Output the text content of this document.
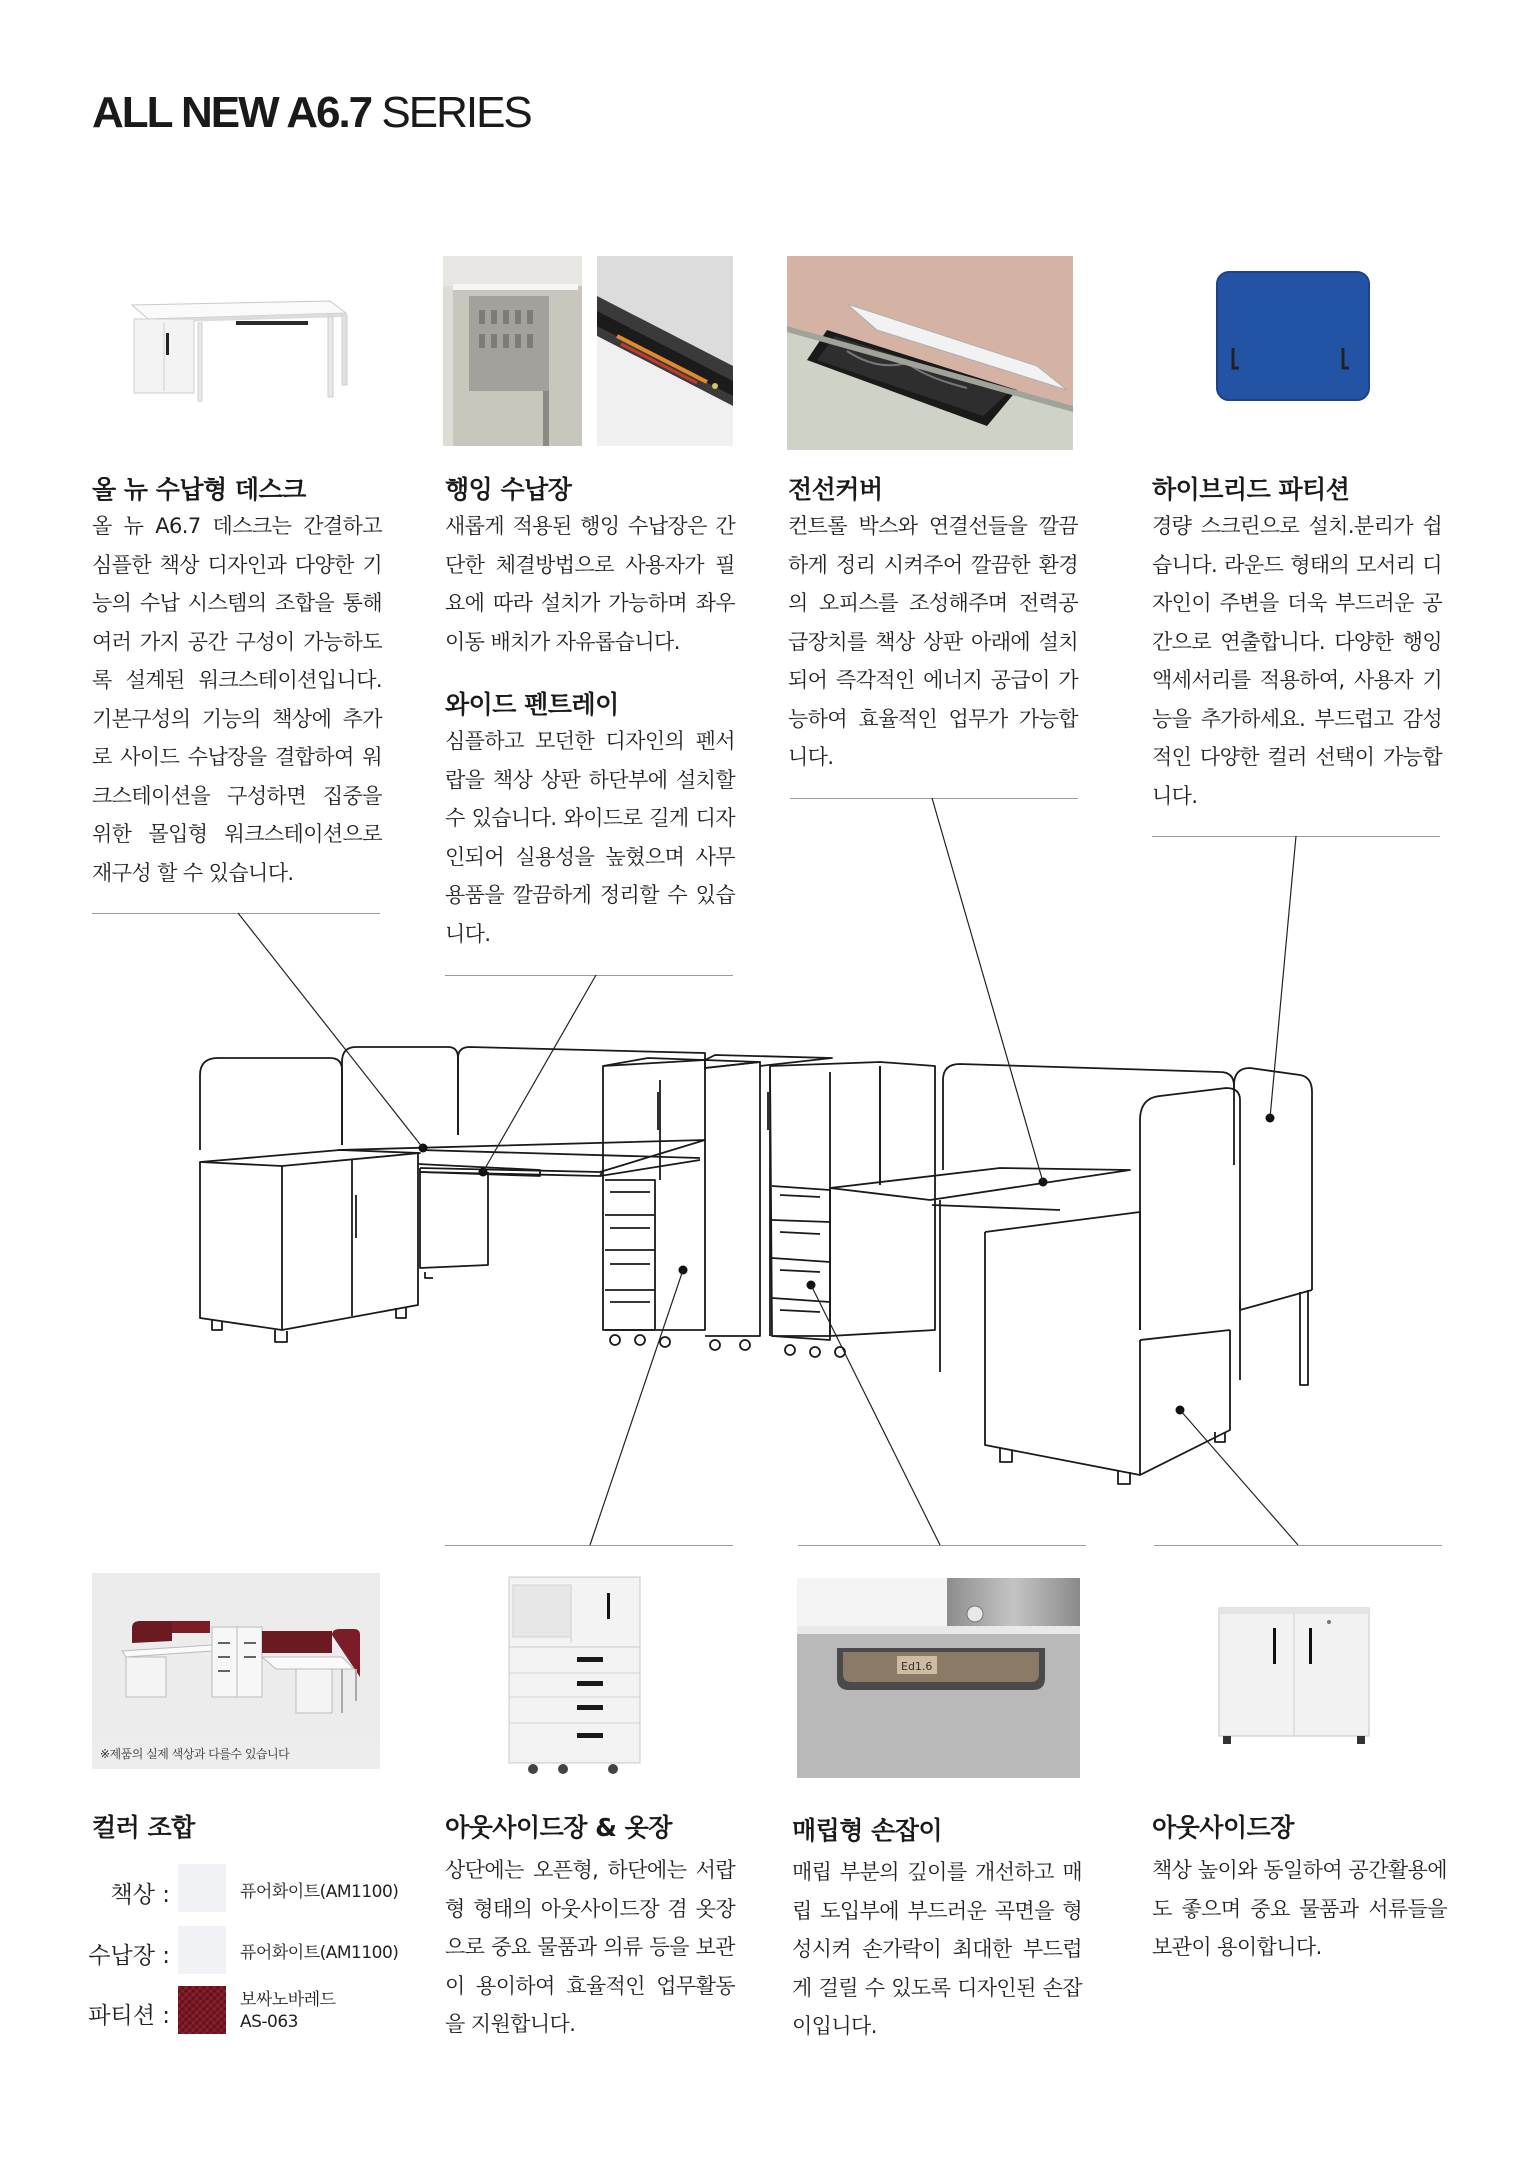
ALL NEW A6.7 SERIES
올 뉴 수납형 데스크
올 뉴 A6.7 데스크는 간결하고 심플한 책상 디자인과 다양한 기능의 수납 시스템의 조합을 통해 여러 가지 공간 구성이 가능하도록 설계된 워크스테이션입니다. 기본구성의 기능의 책상에 추가로 사이드 수납장을 결합하여 워크스테이션을 구성하면 집중을 위한 몰입형 워크스테이션으로 재구성 할 수 있습니다.
행잉 수납장
새롭게 적용된 행잉 수납장은 간단한 체결방법으로 사용자가 필요에 따라 설치가 가능하며 좌우 이동 배치가 자유롭습니다.
와이드 펜트레이
심플하고 모던한 디자인의 펜서랍을 책상 상판 하단부에 설치할 수 있습니다. 와이드로 길게 디자인되어 실용성을 높혔으며 사무용품을 깔끔하게 정리할 수 있습니다.
전선커버
컨트롤 박스와 연결선들을 깔끔하게 정리 시켜주어 깔끔한 환경의 오피스를 조성해주며 전력공급장치를 책상 상판 아래에 설치되어 즉각적인 에너지 공급이 가능하여 효율적인 업무가 가능합니다.
하이브리드 파티션
경량 스크린으로 설치.분리가 쉽습니다. 라운드 형태의 모서리 디자인이 주변을 더욱 부드러운 공간으로 연출합니다. 다양한 행잉 액세서리를 적용하여, 사용자 기능을 추가하세요. 부드럽고 감성적인 다양한 컬러 선택이 가능합니다.
※제품의 실제 색상과 다를수 있습니다
Ed1.6
컬러 조합
책상 :	퓨어화이트(AM1100)
수납장 :	퓨어화이트(AM1100)
파티션 :
보싸노바레드
AS-063
아웃사이드장 & 옷장
상단에는 오픈형, 하단에는 서랍형 형태의 아웃사이드장 겸 옷장으로 중요 물품과 의류 등을 보관이 용이하여 효율적인 업무활동을 지원합니다.
매립형 손잡이
매립 부분의 깊이를 개선하고 매립 도입부에 부드러운 곡면을 형성시켜 손가락이 최대한 부드럽게 걸릴 수 있도록 디자인된 손잡이입니다.
아웃사이드장
책상 높이와 동일하여 공간활용에도 좋으며 중요 물품과 서류들을 보관이 용이합니다.
